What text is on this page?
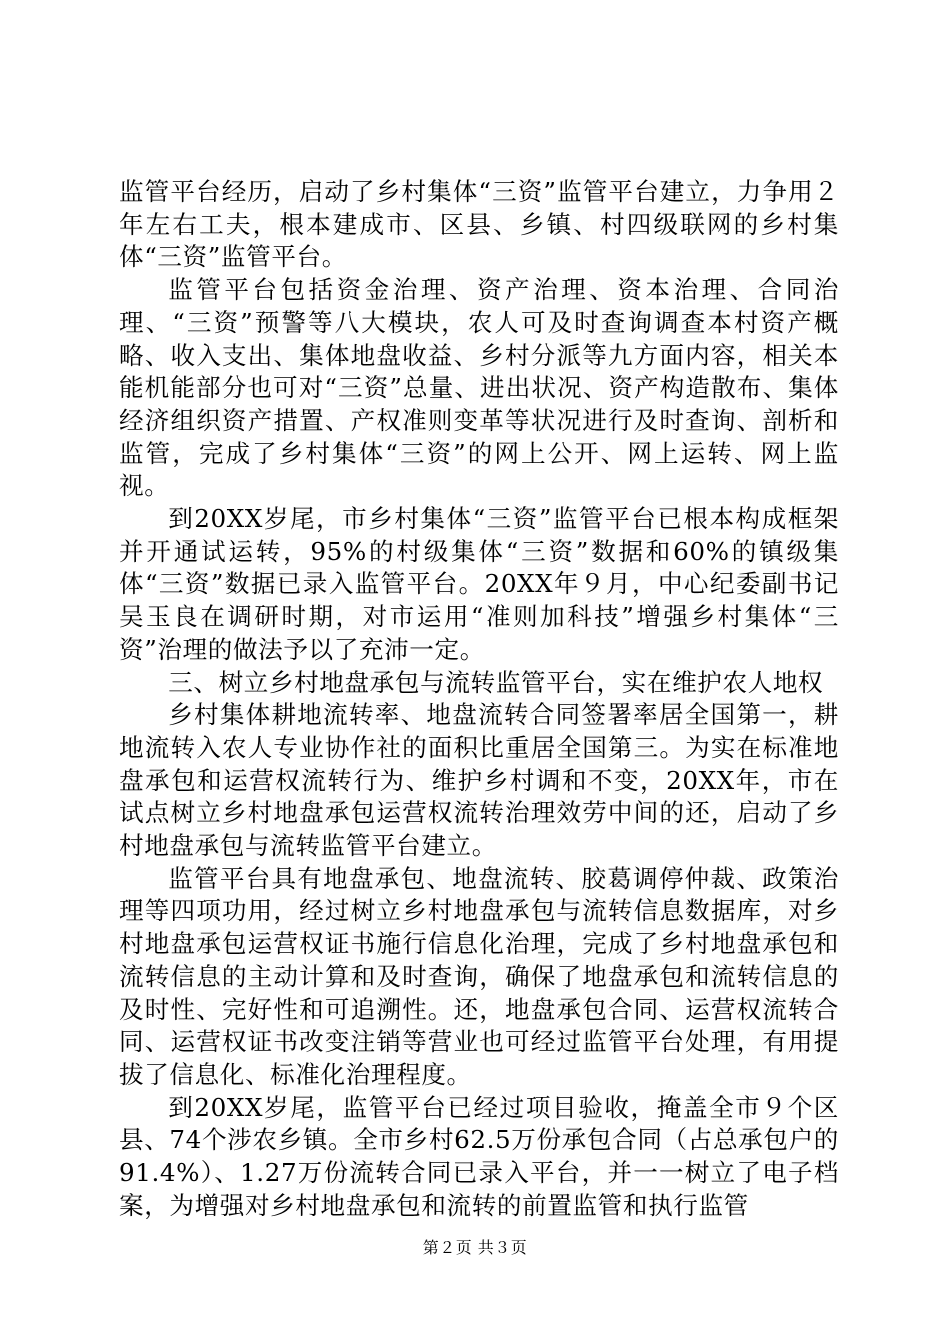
监管平台经历，启动了乡村集体“三资”监管平台建立，力争用２年左右工夫，根本建成市、区县、乡镇、村四级联网的乡村集体“三资”监管平台。

监管平台包括资金治理、资产治理、资本治理、合同治理、“三资”预警等八大模块，农人可及时查询调查本村资产概略、收入支出、集体地盘收益、乡村分派等九方面内容，相关本能机能部分也可对“三资”总量、进出状况、资产构造散布、集体经济组织资产措置、产权准则变革等状况进行及时查询、剖析和监管，完成了乡村集体“三资”的网上公开、网上运转、网上监视。

到20XX岁尾，市乡村集体“三资”监管平台已根本构成框架并开通试运转，95%的村级集体“三资”数据和60%的镇级集体“三资”数据已录入监管平台。20XX年９月，中心纪委副书记吴玉良在调研时期，对市运用“准则加科技”增强乡村集体“三资”治理的做法予以了充沛一定。

三、树立乡村地盘承包与流转监管平台，实在维护农人地权

乡村集体耕地流转率、地盘流转合同签署率居全国第一，耕地流转入农人专业协作社的面积比重居全国第三。为实在标准地盘承包和运营权流转行为、维护乡村调和不变，20XX年，市在试点树立乡村地盘承包运营权流转治理效劳中间的还，启动了乡村地盘承包与流转监管平台建立。

监管平台具有地盘承包、地盘流转、胶葛调停仲裁、政策治理等四项功用，经过树立乡村地盘承包与流转信息数据库，对乡村地盘承包运营权证书施行信息化治理，完成了乡村地盘承包和流转信息的主动计算和及时查询，确保了地盘承包和流转信息的及时性、完好性和可追溯性。还，地盘承包合同、运营权流转合同、运营权证书改变注销等营业也可经过监管平台处理，有用提拔了信息化、标准化治理程度。

到20XX岁尾，监管平台已经过项目验收，掩盖全市９个区县、74个涉农乡镇。全市乡村62.5万份承包合同（占总承包户的91.4%）、1.27万份流转合同已录入平台，并一一树立了电子档案，为增强对乡村地盘承包和流转的前置监管和执行监管

第２页 共３页
